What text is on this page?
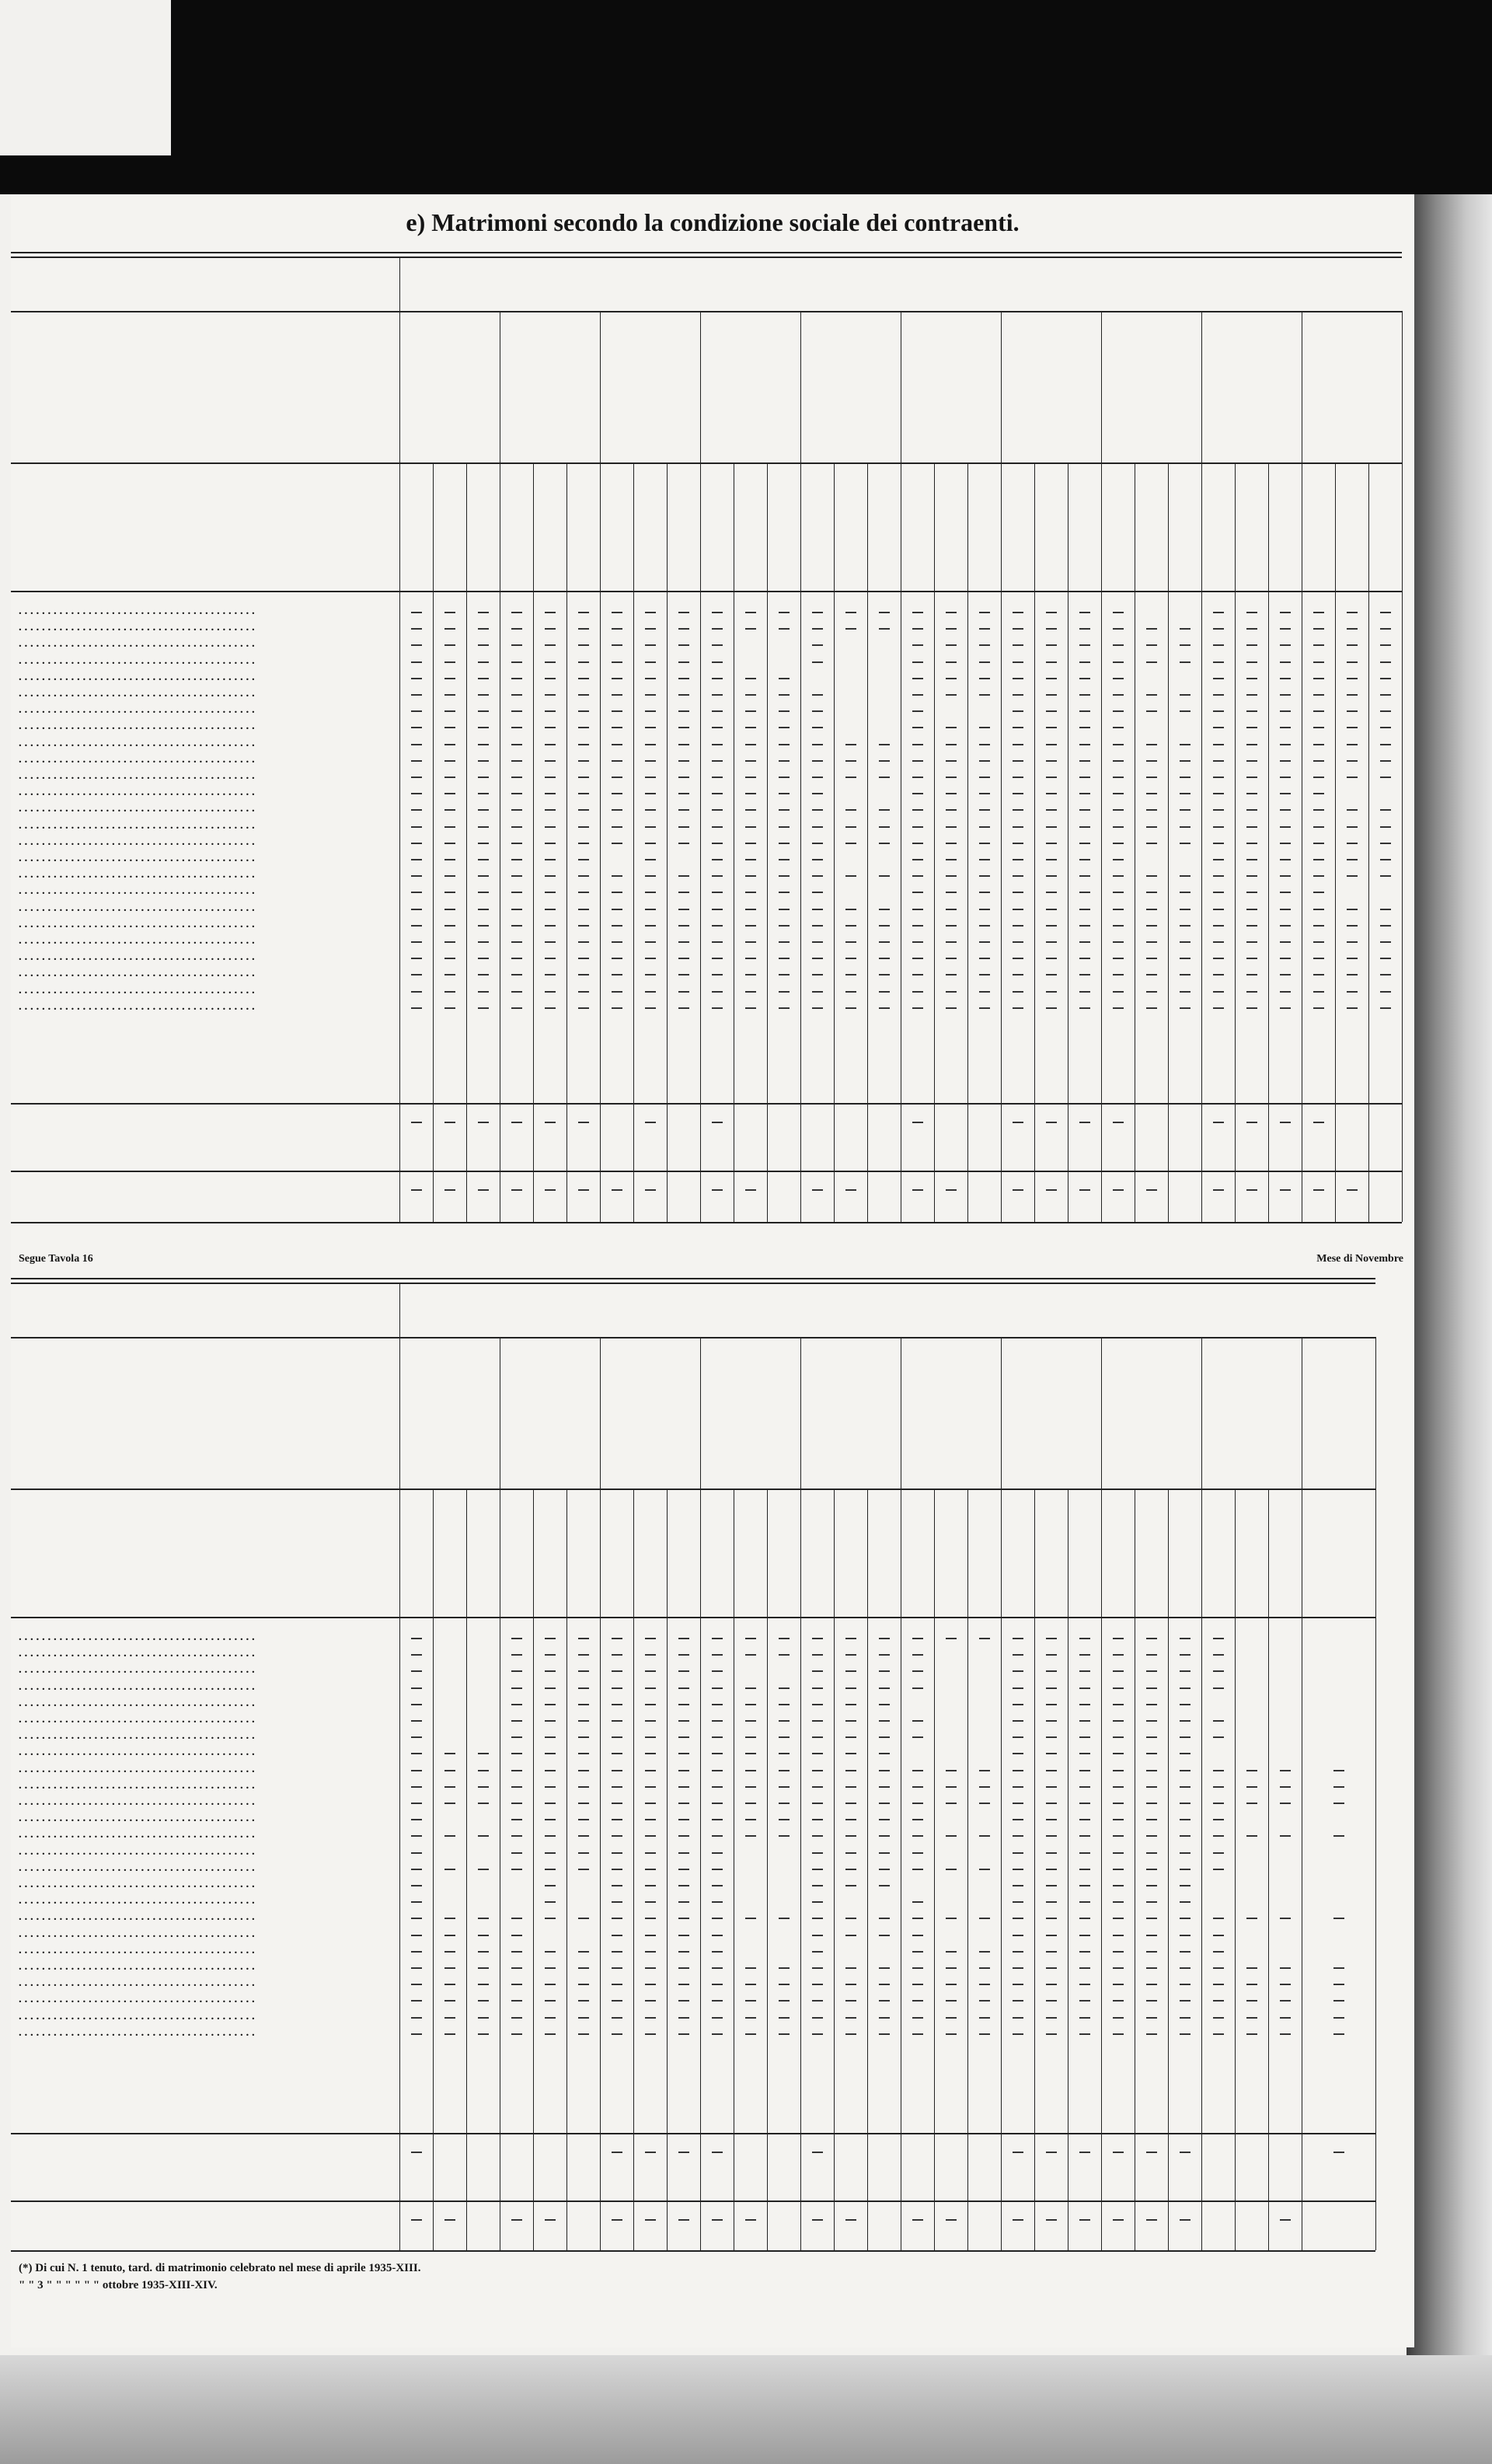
e) Matrimoni secondo la condizione sociale dei contraenti.
. . .
. . .
. . .
. . .
. . .
. . .
. . .
. . .
. . .
. . .
. . .
. . .
. . .
. . .
. . .
. . .
. . .
. . .
. . .
. . .
. . .
. . .
. . .
. . .
. . .
Segue Tavola 16	Mese di Novembre
. . .
. . .
. . .
. . .
. . .
. . .
. . .
. . .
. . .
. . .
. . .
. . .
. . .
. . .
. . .
. . .
. . .
. . .
. . .
. . .
. . .
. . .
. . .
. . .
. . .
(*) Di cui N. 1 tenuto, tard. di matrimonio celebrato nel mese di aprile 1935-XIII.
" " 3 " " " " " " ottobre 1935-XIII-XIV.
